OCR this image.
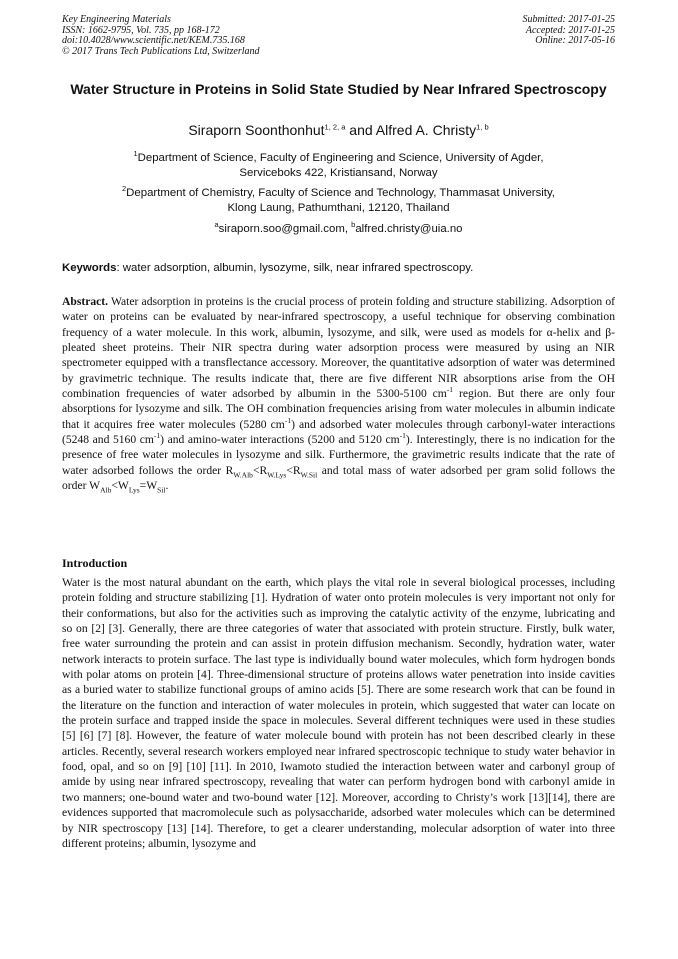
Key Engineering Materials
ISSN: 1662-9795, Vol. 735, pp 168-172
doi:10.4028/www.scientific.net/KEM.735.168
© 2017 Trans Tech Publications Ltd, Switzerland
Submitted: 2017-01-25
Accepted: 2017-01-25
Online: 2017-05-16
Water Structure in Proteins in Solid State Studied by Near Infrared Spectroscopy
Siraporn Soonthonhut$^{1, 2, a}$ and Alfred A. Christy$^{1, b}$
$^1$Department of Science, Faculty of Engineering and Science, University of Agder,
Serviceboks 422, Kristiansand, Norway
$^2$Department of Chemistry, Faculty of Science and Technology, Thammasat University,
Klong Laung, Pathumthani, 12120, Thailand
$^a$siraporn.soo@gmail.com, $^b$alfred.christy@uia.no
Keywords: water adsorption, albumin, lysozyme, silk, near infrared spectroscopy.
Abstract. Water adsorption in proteins is the crucial process of protein folding and structure stabilizing. Adsorption of water on proteins can be evaluated by near-infrared spectroscopy, a useful technique for observing combination frequency of a water molecule. In this work, albumin, lysozyme, and silk, were used as models for α-helix and β-pleated sheet proteins. Their NIR spectra during water adsorption process were measured by using an NIR spectrometer equipped with a transflectance accessory. Moreover, the quantitative adsorption of water was determined by gravimetric technique. The results indicate that, there are five different NIR absorptions arise from the OH combination frequencies of water adsorbed by albumin in the 5300-5100 $cm^{-1}$ region. But there are only four absorptions for lysozyme and silk. The OH combination frequencies arising from water molecules in albumin indicate that it acquires free water molecules (5280 $cm^{-1}$) and adsorbed water molecules through carbonyl-water interactions (5248 and 5160 $cm^{-1}$) and amino-water interactions (5200 and 5120 $cm^{-1}$). Interestingly, there is no indication for the presence of free water molecules in lysozyme and silk. Furthermore, the gravimetric results indicate that the rate of water adsorbed follows the order $R_{W.Alb}<R_{W.Lys}<R_{W.Sil}$ and total mass of water adsorbed per gram solid follows the order $W_{Alb}<W_{Lys}=W_{Sil}$.
Introduction
Water is the most natural abundant on the earth, which plays the vital role in several biological processes, including protein folding and structure stabilizing [1]. Hydration of water onto protein molecules is very important not only for their conformations, but also for the activities such as improving the catalytic activity of the enzyme, lubricating and so on [2] [3]. Generally, there are three categories of water that associated with protein structure. Firstly, bulk water, free water surrounding the protein and can assist in protein diffusion mechanism. Secondly, hydration water, water network interacts to protein surface. The last type is individually bound water molecules, which form hydrogen bonds with polar atoms on protein [4]. Three-dimensional structure of proteins allows water penetration into inside cavities as a buried water to stabilize functional groups of amino acids [5]. There are some research work that can be found in the literature on the function and interaction of water molecules in protein, which suggested that water can locate on the protein surface and trapped inside the space in molecules. Several different techniques were used in these studies [5] [6] [7] [8]. However, the feature of water molecule bound with protein has not been described clearly in these articles. Recently, several research workers employed near infrared spectroscopic technique to study water behavior in food, opal, and so on [9] [10] [11]. In 2010, Iwamoto studied the interaction between water and carbonyl group of amide by using near infrared spectroscopy, revealing that water can perform hydrogen bond with carbonyl amide in two manners; one-bound water and two-bound water [12]. Moreover, according to Christy’s work [13][14], there are evidences supported that macromolecule such as polysaccharide, adsorbed water molecules which can be determined by NIR spectroscopy [13] [14]. Therefore, to get a clearer understanding, molecular adsorption of water into three different proteins; albumin, lysozyme and
